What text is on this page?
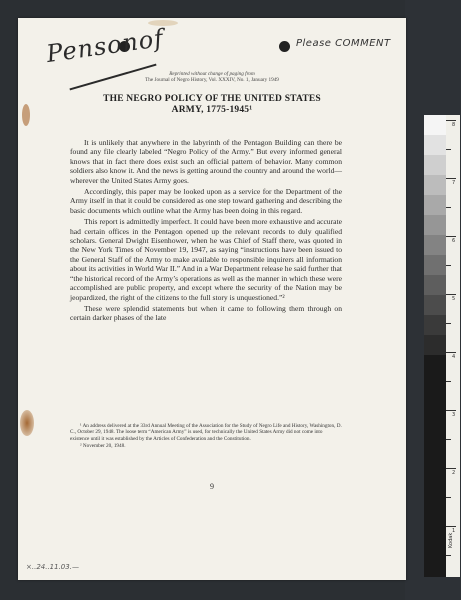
Pensonof	Please COMMENT
Reprinted without change of paging from
The Journal of Negro History, Vol. XXXIV, No. 1, January 1949
THE NEGRO POLICY OF THE UNITED STATES
ARMY, 1775-1945¹

It is unlikely that anywhere in the labyrinth of the Pentagon Building can there be found any file clearly labeled “Negro Policy of the Army.” But every informed general knows that in fact there does exist such an official pattern of behavior. Many common soldiers also know it. And the news is getting around the country and around the world—wherever the United States Army goes.

Accordingly, this paper may be looked upon as a service for the Department of the Army itself in that it could be considered as one step toward gathering and describing the basic documents which outline what the Army has been doing in this regard.

This report is admittedly imperfect. It could have been more exhaustive and accurate had certain offices in the Pentagon opened up the relevant records to duly qualified scholars. General Dwight Eisenhower, when he was Chief of Staff there, was quoted in the New York Times of November 19, 1947, as saying “instructions have been issued to the General Staff of the Army to make available to responsible inquirers all information about its activities in World War II.” And in a War Department release he said further that “the historical record of the Army’s operations as well as the manner in which these were accomplished are public property, and except where the security of the Nation may be jeopardized, the right of the citizens to the full story is unquestioned.”²

These were splendid statements but when it came to following them through on certain darker phases of the late

¹ An address delivered at the 33rd Annual Meeting of the Association for the Study of Negro Life and History, Washington, D. C., October 29, 1948. The loose term “American Army” is used, for technically the United States Army did not come into existence until it was established by the Articles of Confederation and the Constitution.

² November 20, 1948.

9
×..24..11.03.—
8
7
6
5
4
3
2
1
Kodak
